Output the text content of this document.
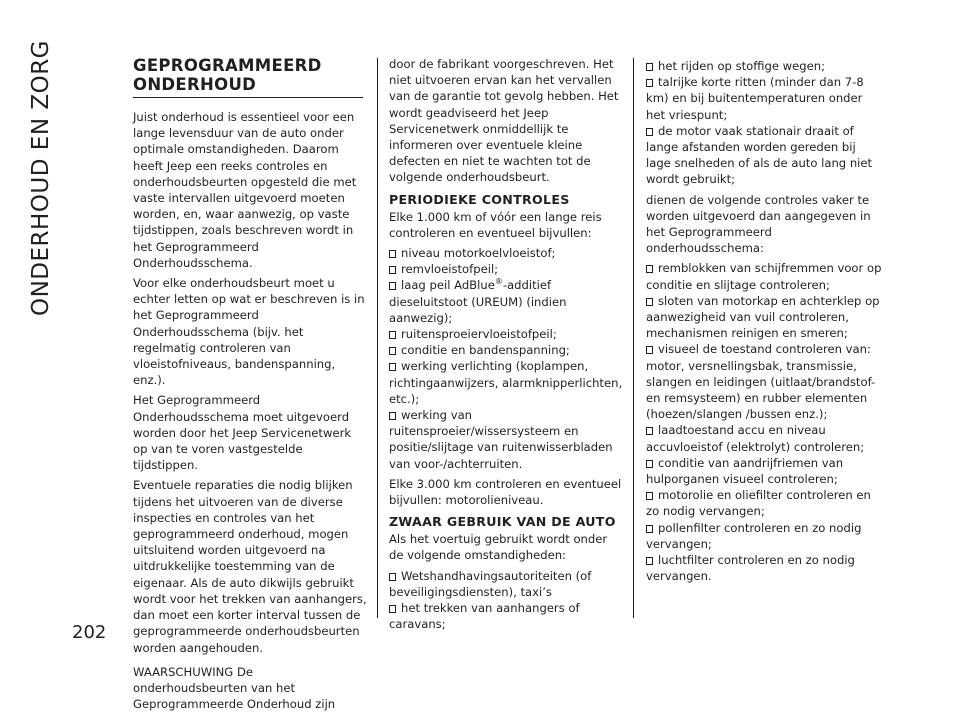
ONDERHOUD EN ZORG	GEPROGRAMMEERD ONDERHOUD

Juist onderhoud is essentieel voor een lange levensduur van de auto onder optimale omstandigheden. Daarom heeft Jeep een reeks controles en onderhoudsbeurten opgesteld die met vaste intervallen uitgevoerd moeten worden, en, waar aanwezig, op vaste tijdstippen, zoals beschreven wordt in het Geprogrammeerd Onderhoudsschema.

Voor elke onderhoudsbeurt moet u echter letten op wat er beschreven is in het Geprogrammeerd Onderhoudsschema (bijv. het regelmatig controleren van vloeistofniveaus, bandenspanning, enz.).

Het Geprogrammeerd Onderhoudsschema moet uitgevoerd worden door het Jeep Servicenetwerk op van te voren vastgestelde tijdstippen.

Eventuele reparaties die nodig blijken tijdens het uitvoeren van de diverse inspecties en controles van het geprogrammeerd onderhoud, mogen uitsluitend worden uitgevoerd na uitdrukkelijke toestemming van de eigenaar. Als de auto dikwijls gebruikt wordt voor het trekken van aanhangers, dan moet een korter interval tussen de geprogrammeerde onderhoudsbeurten worden aangehouden.

WAARSCHUWING De onderhoudsbeurten van het Geprogrammeerde Onderhoud zijn

door de fabrikant voorgeschreven. Het niet uitvoeren ervan kan het vervallen van de garantie tot gevolg hebben. Het wordt geadviseerd het Jeep Servicenetwerk onmiddellijk te informeren over eventuele kleine defecten en niet te wachten tot de volgende onderhoudsbeurt.

PERIODIEKE CONTROLES

Elke 1.000 km of vóór een lange reis controleren en eventueel bijvullen:

niveau motorkoelvloeistof;
remvloeistofpeil;
laag peil AdBlue®-additief dieseluitstoot (UREUM) (indien aanwezig);
ruitensproeiervloeistofpeil;
conditie en bandenspanning;
werking verlichting (koplampen, richtingaanwijzers, alarmknipperlichten, etc.);
werking van ruitensproeier/wissersysteem en positie/slijtage van ruitenwisserbladen van voor-/achterruiten.

Elke 3.000 km controleren en eventueel bijvullen: motorolieniveau.

ZWAAR GEBRUIK VAN DE AUTO

Als het voertuig gebruikt wordt onder de volgende omstandigheden:

Wetshandhavingsautoriteiten (of beveiligingsdiensten), taxi’s
het trekken van aanhangers of caravans;
het rijden op stoffige wegen;
talrijke korte ritten (minder dan 7-8 km) en bij buitentemperaturen onder het vriespunt;
de motor vaak stationair draait of lange afstanden worden gereden bij lage snelheden of als de auto lang niet wordt gebruikt;

dienen de volgende controles vaker te worden uitgevoerd dan aangegeven in het Geprogrammeerd onderhoudsschema:

remblokken van schijfremmen voor op conditie en slijtage controleren;
sloten van motorkap en achterklep op aanwezigheid van vuil controleren, mechanismen reinigen en smeren;
visueel de toestand controleren van: motor, versnellingsbak, transmissie, slangen en leidingen (uitlaat/brandstof-en remsysteem) en rubber elementen (hoezen/slangen /bussen enz.);
laadtoestand accu en niveau accuvloeistof (elektrolyt) controleren;
conditie van aandrijfriemen van hulporganen visueel controleren;
motorolie en oliefilter controleren en zo nodig vervangen;
pollenfilter controleren en zo nodig vervangen;
luchtfilter controleren en zo nodig vervangen.
202
